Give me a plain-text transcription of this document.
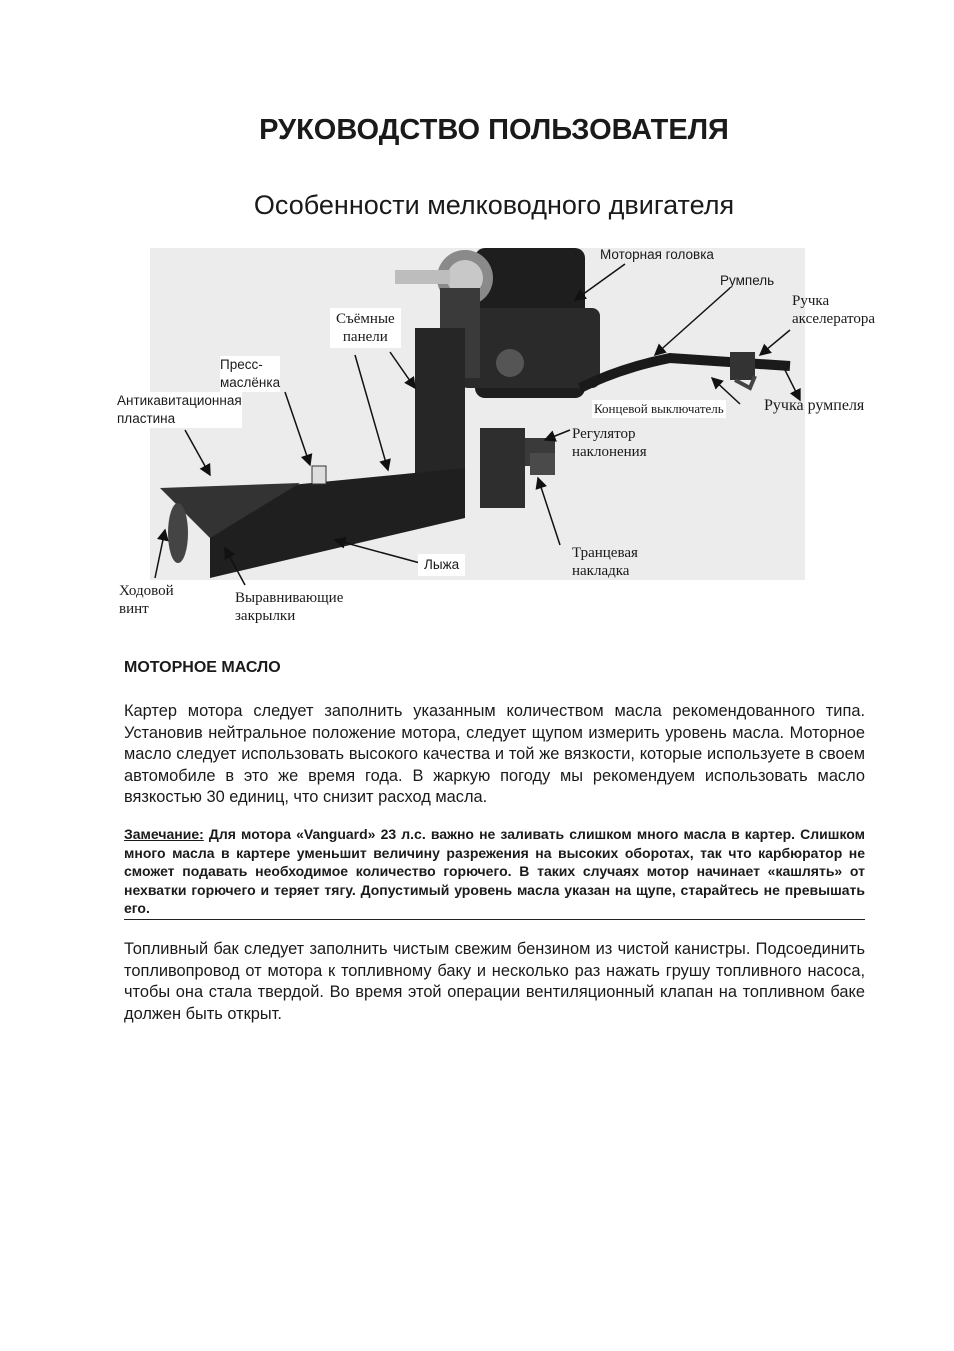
РУКОВОДСТВО ПОЛЬЗОВАТЕЛЯ
Особенности мелководного двигателя
Моторная головка
Румпель
Ручка
акселератора
Съёмные
панели
Пресс-
маслёнка
Антикавитационная
пластина
Концевой выключатель	Ручка румпеля
Регулятор
наклонения
Транцевая
накладка
Лыжа
Ходовой
винт
Выравнивающие
закрылки
МОТОРНОЕ МАСЛО
Картер мотора следует заполнить указанным количеством масла рекомендованного типа. Установив нейтральное положение мотора, следует щупом измерить уровень масла. Моторное масло следует использовать высокого качества и той же вязкости, которые используете в своем автомобиле в это же время года. В жаркую погоду мы рекомендуем использовать масло вязкостью 30 единиц, что снизит расход масла.
Замечание: Для мотора «Vanguard» 23 л.с. важно не заливать слишком много масла в картер. Слишком много масла в картере уменьшит величину разрежения на высоких оборотах, так что карбюратор не сможет подавать необходимое количество горючего. В таких случаях мотор начинает «кашлять» от нехватки горючего и теряет тягу. Допустимый уровень масла указан на щупе, старайтесь не превышать его.
Топливный бак следует заполнить чистым свежим бензином из чистой канистры. Подсоединить топливопровод от мотора к топливному баку и несколько раз нажать грушу топливного насоса, чтобы она стала твердой. Во время этой операции вентиляционный клапан на топливном баке должен быть открыт.
